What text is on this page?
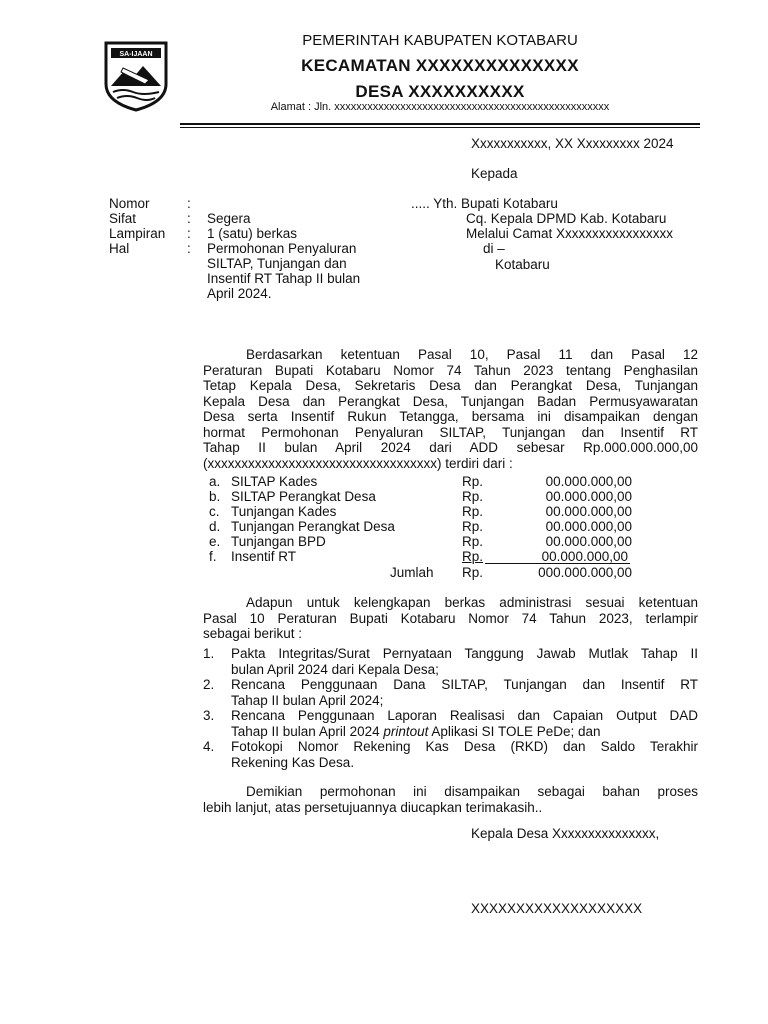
SA-IJAAN
PEMERINTAH KABUPATEN KOTABARU
KECAMATAN XXXXXXXXXXXXXX
DESA XXXXXXXXXX
Alamat : Jln. xxxxxxxxxxxxxxxxxxxxxxxxxxxxxxxxxxxxxxxxxxxxxxxxxx
Xxxxxxxxxxx, XX Xxxxxxxxx 2024
Kepada
Nomor	:
Sifat	: Segera
Lampiran : 1 (satu) berkas
Hal	: Permohonan Penyaluran
SILTAP, Tunjangan dan
Insentif RT Tahap II bulan
April 2024.
..... Yth. Bupati Kotabaru
Cq. Kepala DPMD Kab. Kotabaru
Melalui Camat Xxxxxxxxxxxxxxxxx
di –
Kotabaru
Berdasarkan ketentuan Pasal 10, Pasal 11 dan Pasal 12
Peraturan Bupati Kotabaru Nomor 74 Tahun 2023 tentang Penghasilan
Tetap Kepala Desa, Sekretaris Desa dan Perangkat Desa, Tunjangan
Kepala Desa dan Perangkat Desa, Tunjangan Badan Permusyawaratan
Desa serta Insentif Rukun Tetangga, bersama ini disampaikan dengan
hormat Permohonan Penyaluran SILTAP, Tunjangan dan Insentif RT
Tahap II bulan April 2024 dari ADD sebesar Rp.000.000.000,00
(xxxxxxxxxxxxxxxxxxxxxxxxxxxxxxxxxx) terdiri dari :
a. SILTAP Kades	Rp.	00.000.000,00
b. SILTAP Perangkat Desa	Rp.	00.000.000,00
c. Tunjangan Kades	Rp.	00.000.000,00
d. Tunjangan Perangkat Desa	Rp.	00.000.000,00
e. Tunjangan BPD	Rp.	00.000.000,00
f. Insentif RT	Rp.	00.000.000,00
Jumlah Rp.	000.000.000,00
Adapun untuk kelengkapan berkas administrasi sesuai ketentuan
Pasal 10 Peraturan Bupati Kotabaru Nomor 74 Tahun 2023, terlampir
sebagai berikut :
1. Pakta Integritas/Surat Pernyataan Tanggung Jawab Mutlak Tahap II
bulan April 2024 dari Kepala Desa;
2. Rencana Penggunaan Dana SILTAP, Tunjangan dan Insentif RT
Tahap II bulan April 2024;
3. Rencana Penggunaan Laporan Realisasi dan Capaian Output DAD
Tahap II bulan April 2024 printout Aplikasi SI TOLE PeDe; dan
4. Fotokopi Nomor Rekening Kas Desa (RKD) dan Saldo Terakhir
Rekening Kas Desa.
Demikian permohonan ini disampaikan sebagai bahan proses
lebih lanjut, atas persetujuannya diucapkan terimakasih..
Kepala Desa Xxxxxxxxxxxxxxx,
XXXXXXXXXXXXXXXXXXX
